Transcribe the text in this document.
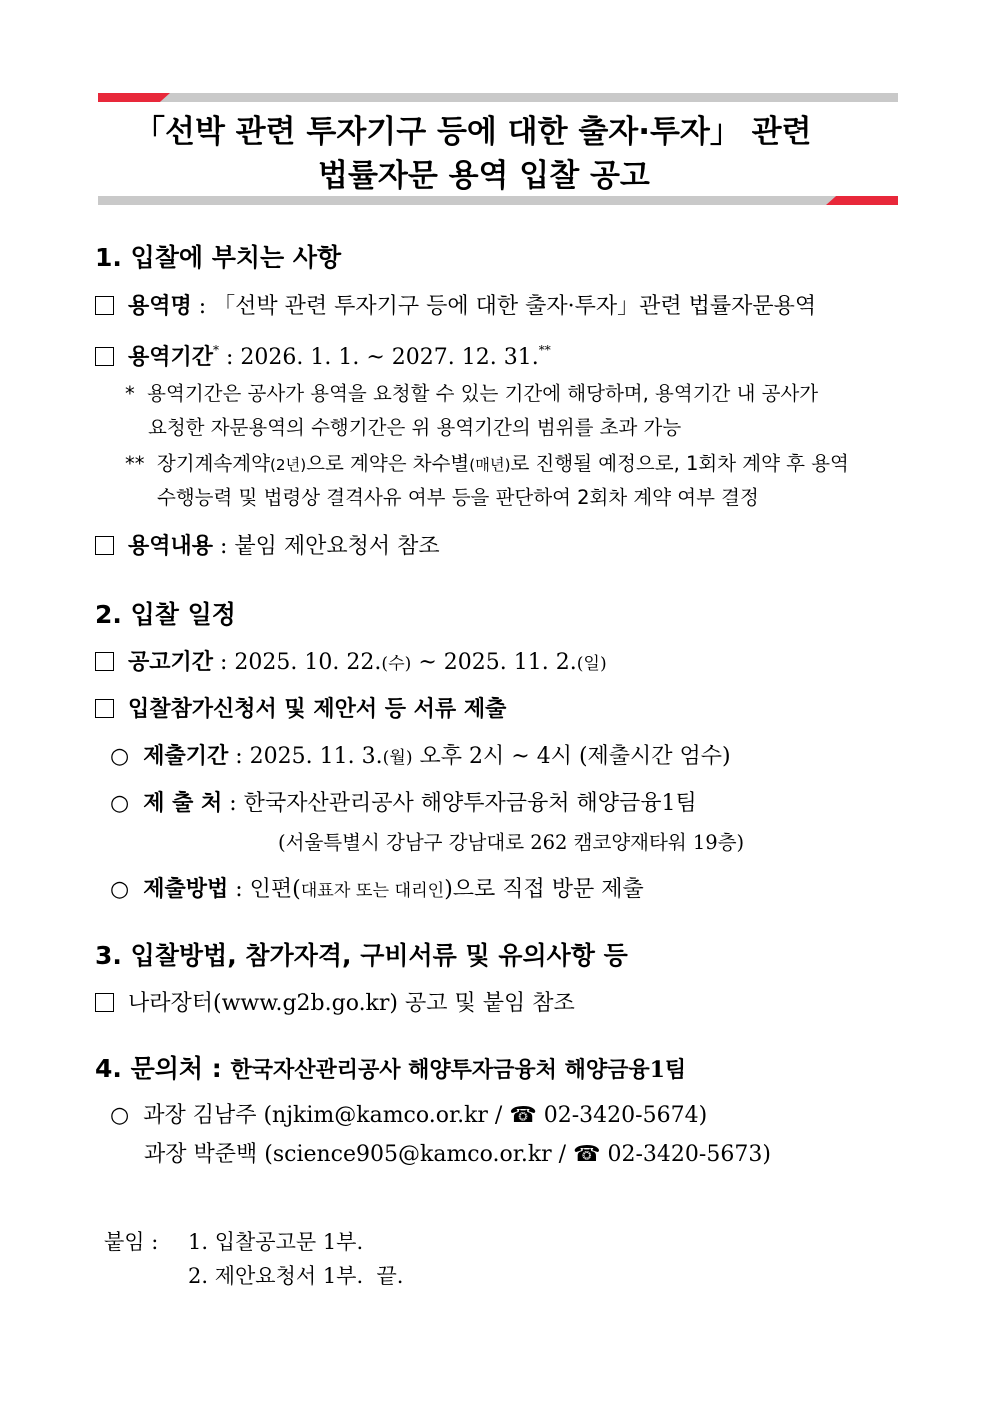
「선박 관련 투자기구 등에 대한 출자·투자」 관련
법률자문 용역 입찰 공고
1. 입찰에 부치는 사항
용역명 : 「선박 관련 투자기구 등에 대한 출자·투자」관련 법률자문용역
용역기간* : 2026. 1. 1. ~ 2027. 12. 31.**
* 용역기간은 공사가 용역을 요청할 수 있는 기간에 해당하며, 용역기간 내 공사가
요청한 자문용역의 수행기간은 위 용역기간의 범위를 초과 가능
** 장기계속계약(2년)으로 계약은 차수별(매년)로 진행될 예정으로, 1회차 계약 후 용역
수행능력 및 법령상 결격사유 여부 등을 판단하여 2회차 계약 여부 결정
용역내용 : 붙임 제안요청서 참조
2. 입찰 일정
공고기간 : 2025. 10. 22.(수) ~ 2025. 11. 2.(일)
입찰참가신청서 및 제안서 등 서류 제출
○ 제출기간 : 2025. 11. 3.(월) 오후 2시 ~ 4시 (제출시간 엄수)
○ 제 출 처 : 한국자산관리공사 해양투자금융처 해양금융1팀
(서울특별시 강남구 강남대로 262 캠코양재타워 19층)
○ 제출방법 : 인편(대표자 또는 대리인)으로 직접 방문 제출
3. 입찰방법, 참가자격, 구비서류 및 유의사항 등
나라장터(www.g2b.go.kr) 공고 및 붙임 참조
4. 문의처 : 한국자산관리공사 해양투자금융처 해양금융1팀
○ 과장 김남주 (njkim@kamco.or.kr / ☎ 02-3420-5674)
과장 박준백 (science905@kamco.or.kr / ☎ 02-3420-5673)
붙임 : 1. 입찰공고문 1부.
2. 제안요청서 1부. 끝.
